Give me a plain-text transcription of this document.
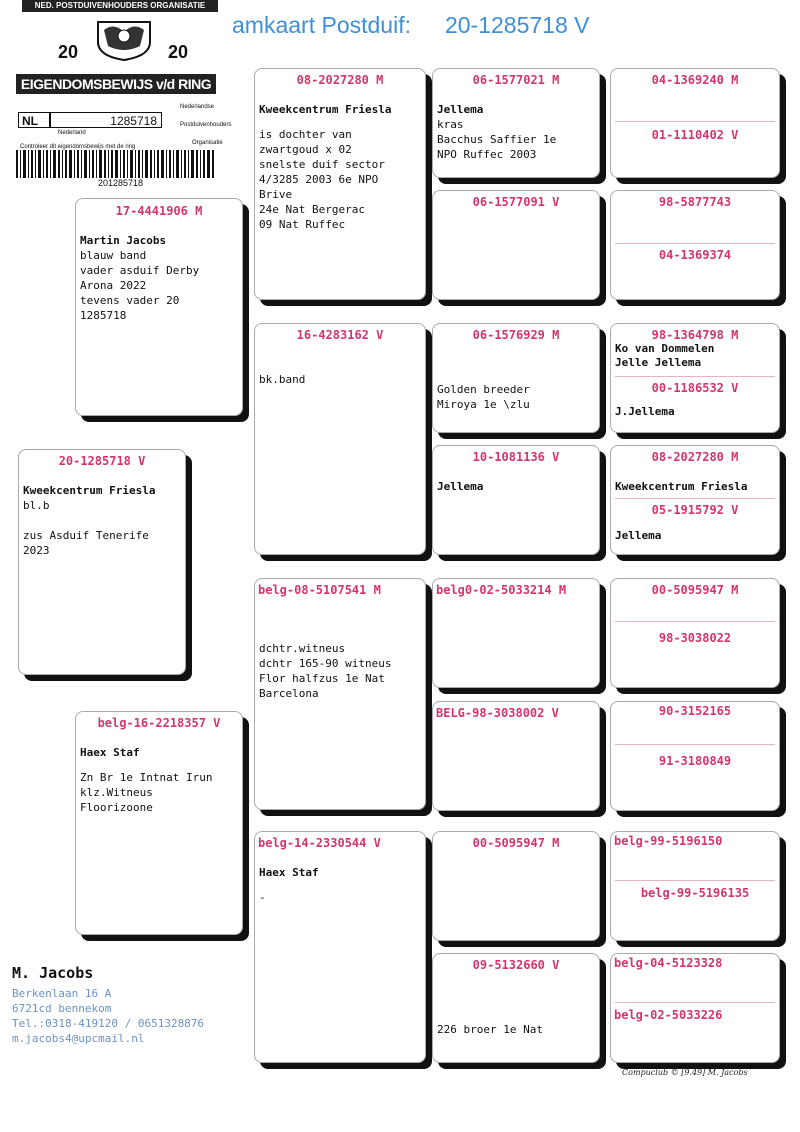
amkaart Postduif: 20-1285718 V
NED. POSTDUIVENHOUDERS ORGANISATIE
20	20
EIGENDOMSBEWIJS v/d RING
NL	1285718
Nederland
Controleer dit eigendomsbewijs met de ring
Nederlandse
Postduivenhouders
Organisatie
201285718
20-1285718 V
Kweekcentrum Friesla
bl.b

zus Asduif Tenerife
2023
17-4441906 M
Martin Jacobs
blauw band
vader asduif Derby
Arona 2022
tevens vader 20
1285718
belg-16-2218357 V
Haex Staf
Zn Br 1e Intnat Irun
klz.Witneus
Floorizoone
08-2027280 M
Kweekcentrum Friesla
is dochter van
zwartgoud x 02
snelste duif sector
4/3285 2003 6e NPO
Brive
24e Nat Bergerac
09 Nat Ruffec
16-4283162 V
bk.band
belg-08-5107541 M
dchtr.witneus
dchtr 165-90 witneus
Flor halfzus 1e Nat
Barcelona
belg-14-2330544 V
Haex Staf
-
06-1577021 M
Jellema
kras
Bacchus Saffier 1e
NPO Ruffec 2003
06-1577091 V
06-1576929 M
Golden breeder
Miroya 1e \zlu
10-1081136 V
Jellema
belg0-02-5033214 M
BELG-98-3038002 V
00-5095947 M
09-5132660 V
226 broer 1e Nat
04-1369240 M
01-1110402 V
98-5877743
04-1369374
98-1364798 M
Ko van Dommelen
Jelle Jellema
00-1186532 V
J.Jellema
08-2027280 M
Kweekcentrum Friesla
05-1915792 V
Jellema
00-5095947 M
98-3038022
90-3152165
91-3180849
belg-99-5196150
belg-99-5196135
belg-04-5123328
belg-02-5033226
M. Jacobs
Berkenlaan 16 A
6721cd bennekom
Tel.:0318-419120 / 0651328876
m.jacobs4@upcmail.nl
Compuclub © [9.49] M. Jacobs
